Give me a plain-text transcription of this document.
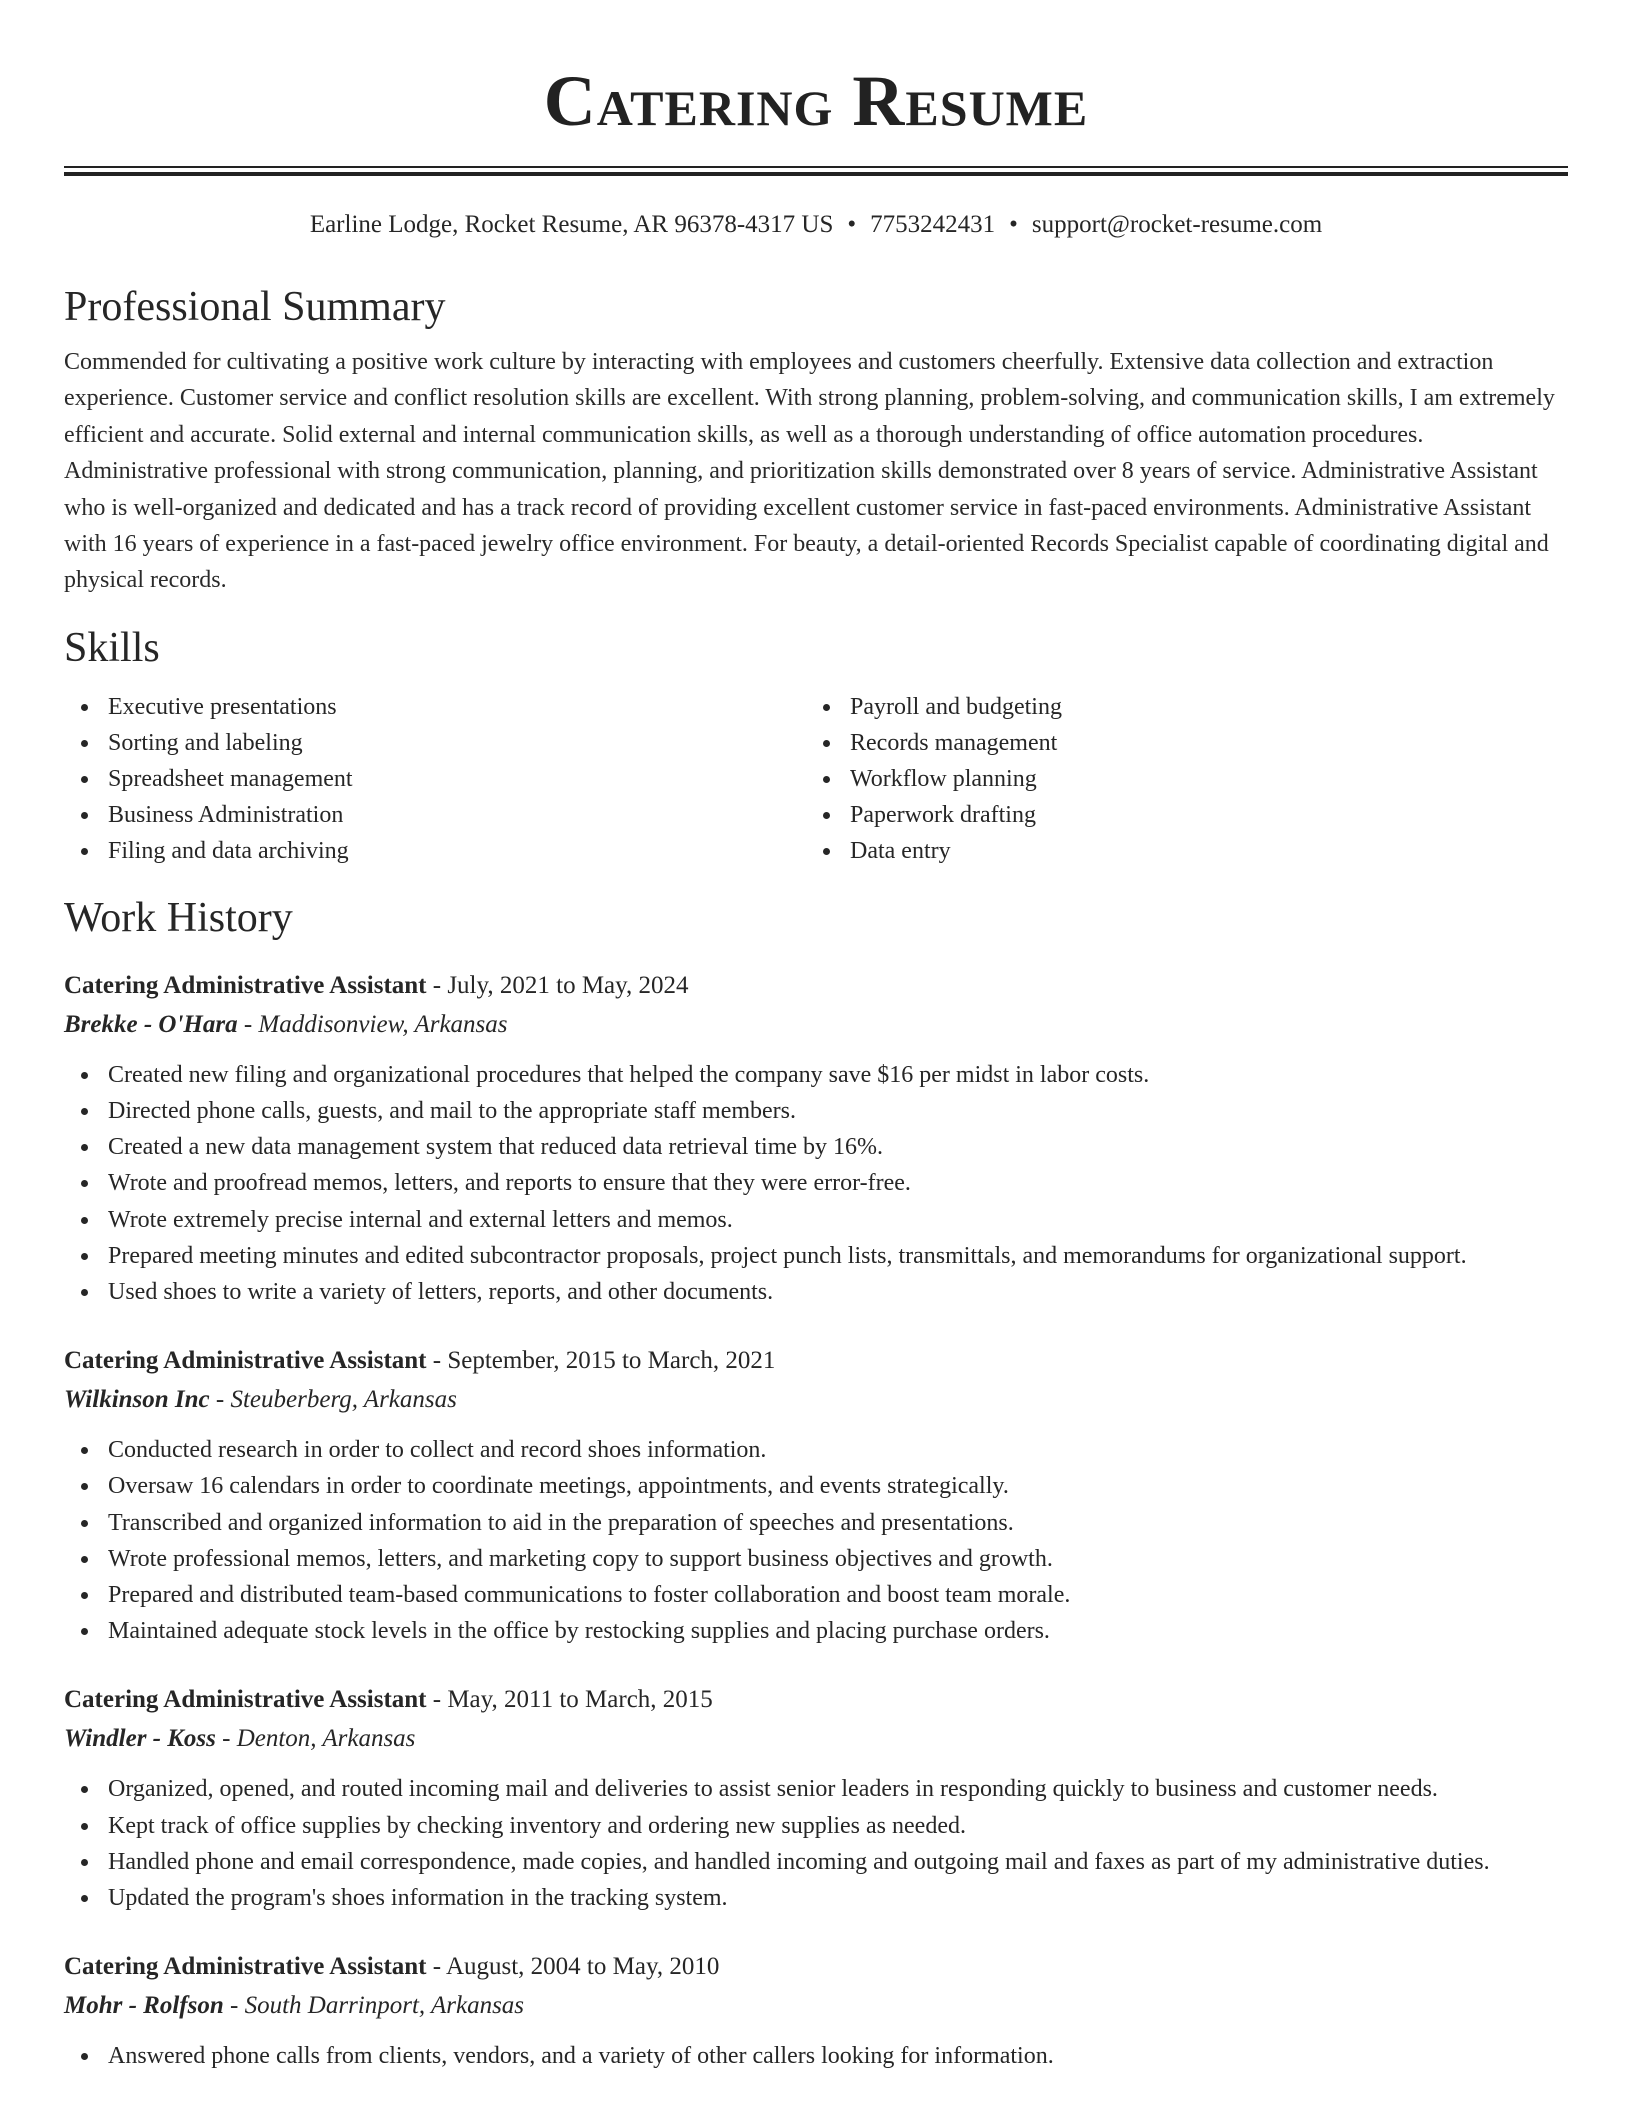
Catering Resume
Earline Lodge, Rocket Resume, AR 96378-4317 US • 7753242431 • support@rocket-resume.com
Professional Summary

Commended for cultivating a positive work culture by interacting with employees and customers cheerfully. Extensive data collection and extraction experience. Customer service and conflict resolution skills are excellent. With strong planning, problem-solving, and communication skills, I am extremely efficient and accurate. Solid external and internal communication skills, as well as a thorough understanding of office automation procedures. Administrative professional with strong communication, planning, and prioritization skills demonstrated over 8 years of service. Administrative Assistant who is well-organized and dedicated and has a track record of providing excellent customer service in fast-paced environments. Administrative Assistant with 16 years of experience in a fast-paced jewelry office environment. For beauty, a detail-oriented Records Specialist capable of coordinating digital and physical records.

Skills
Executive presentations
Sorting and labeling
Spreadsheet management
Business Administration
Filing and data archiving
Payroll and budgeting
Records management
Workflow planning
Paperwork drafting
Data entry
Work History
Catering Administrative Assistant - July, 2021 to May, 2024
Brekke - O'Hara - Maddisonview, Arkansas
Created new filing and organizational procedures that helped the company save $16 per midst in labor costs.
Directed phone calls, guests, and mail to the appropriate staff members.
Created a new data management system that reduced data retrieval time by 16%.
Wrote and proofread memos, letters, and reports to ensure that they were error-free.
Wrote extremely precise internal and external letters and memos.
Prepared meeting minutes and edited subcontractor proposals, project punch lists, transmittals, and memorandums for organizational support.
Used shoes to write a variety of letters, reports, and other documents.
Catering Administrative Assistant - September, 2015 to March, 2021
Wilkinson Inc - Steuberberg, Arkansas
Conducted research in order to collect and record shoes information.
Oversaw 16 calendars in order to coordinate meetings, appointments, and events strategically.
Transcribed and organized information to aid in the preparation of speeches and presentations.
Wrote professional memos, letters, and marketing copy to support business objectives and growth.
Prepared and distributed team-based communications to foster collaboration and boost team morale.
Maintained adequate stock levels in the office by restocking supplies and placing purchase orders.
Catering Administrative Assistant - May, 2011 to March, 2015
Windler - Koss - Denton, Arkansas
Organized, opened, and routed incoming mail and deliveries to assist senior leaders in responding quickly to business and customer needs.
Kept track of office supplies by checking inventory and ordering new supplies as needed.
Handled phone and email correspondence, made copies, and handled incoming and outgoing mail and faxes as part of my administrative duties.
Updated the program's shoes information in the tracking system.
Catering Administrative Assistant - August, 2004 to May, 2010
Mohr - Rolfson - South Darrinport, Arkansas
Answered phone calls from clients, vendors, and a variety of other callers looking for information.
